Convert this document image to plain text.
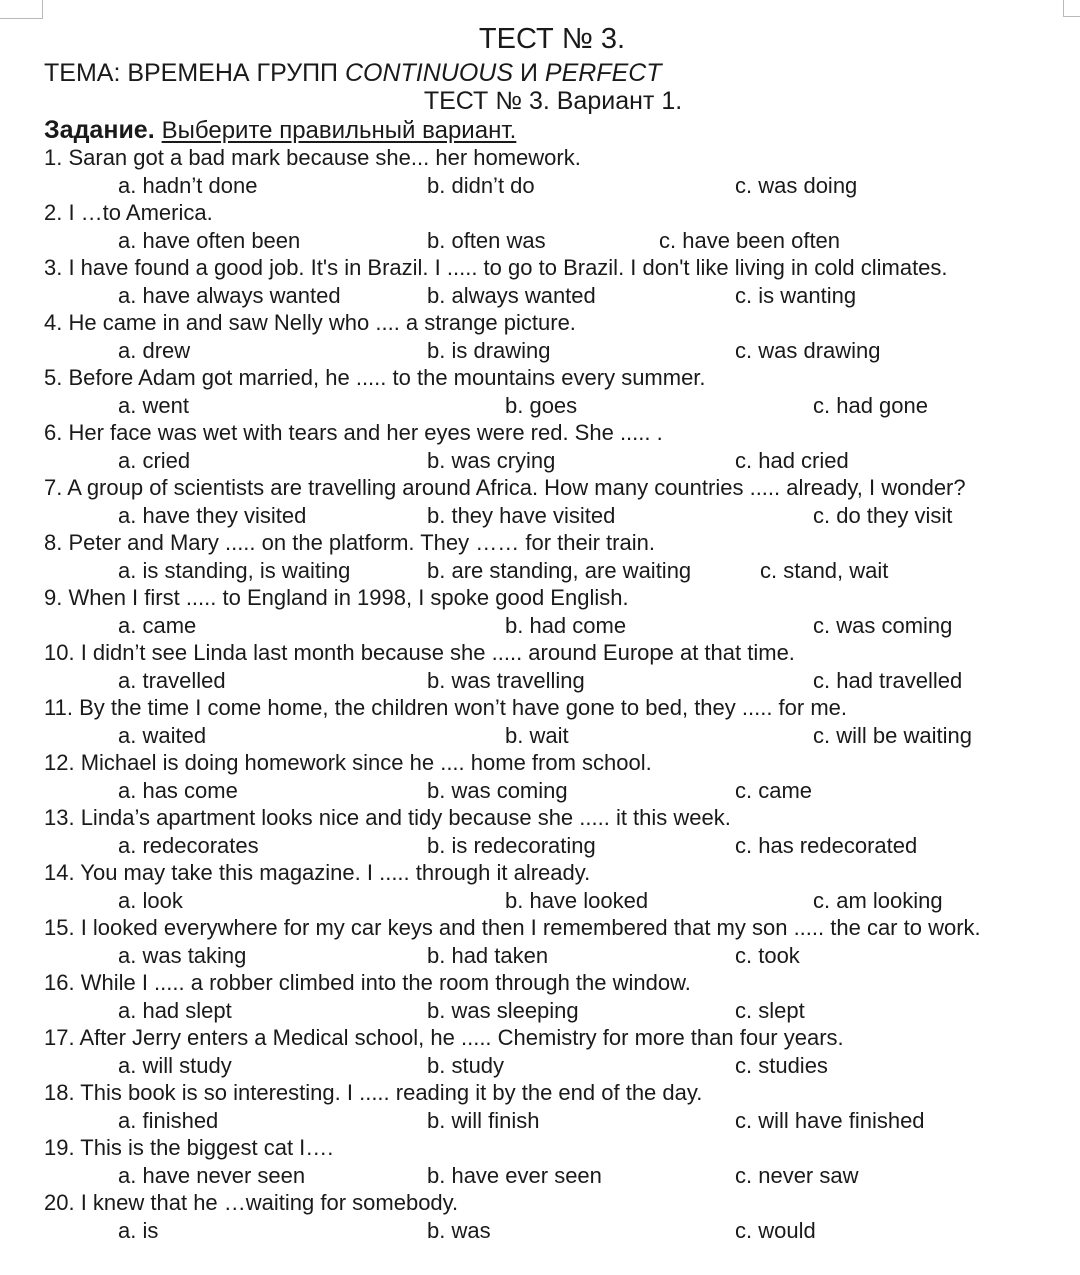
ТЕСТ № 3.
ТЕМА: ВРЕМЕНА ГРУПП CONTINUOUS И PERFECT
ТЕСТ № 3. Вариант 1.
Задание. Выберите правильный вариант.
1. Saran got a bad mark because she... her homework.
a. hadn’t done	b. didn’t do	c. was doing
2. I …to America.
a. have often been	b. often was	c. have been often
3. I have found a good job. It's in Brazil. I ..... to go to Brazil. I don't like living in cold climates.
a. have always wanted	b. always wanted	c. is wanting
4. He came in and saw Nelly who .... a strange picture.
a. drew	b. is drawing	c. was drawing
5. Before Adam got married, he ..... to the mountains every summer.
a. went	b. goes	c. had gone
6. Her face was wet with tears and her eyes were red. She ..... .
a. cried	b. was crying	c. had cried
7. A group of scientists are travelling around Africa. How many countries ..... already, I wonder?
a. have they visited	b. they have visited	c. do they visit
8. Peter and Mary ..... on the platform. They …… for their train.
a. is standing, is waiting	b. are standing, are waiting	c. stand, wait
9. When I first ..... to England in 1998, I spoke good English.
a. came	b. had come	c. was coming
10. I didn’t see Linda last month because she ..... around Europe at that time.
a. travelled	b. was travelling	c. had travelled
11. By the time I come home, the children won’t have gone to bed, they ..... for me.
a. waited	b. wait	c. will be waiting
12. Michael is doing homework since he .... home from school.
a. has come	b. was coming	c. came
13. Linda’s apartment looks nice and tidy because she ..... it this week.
a. redecorates	b. is redecorating	c. has redecorated
14. You may take this magazine. I ..... through it already.
a. look	b. have looked	c. am looking
15. I looked everywhere for my car keys and then I remembered that my son ..... the car to work.
a. was taking	b. had taken	c. took
16. While I ..... a robber climbed into the room through the window.
a. had slept	b. was sleeping	c. slept
17. After Jerry enters a Medical school, he ..... Chemistry for more than four years.
a. will study	b. study	c. studies
18. This book is so interesting. I ..... reading it by the end of the day.
a. finished	b. will finish	c. will have finished
19. This is the biggest cat I….
a. have never seen	b. have ever seen	c. never saw
20. I knew that he …waiting for somebody.
a. is	b. was	c. would
